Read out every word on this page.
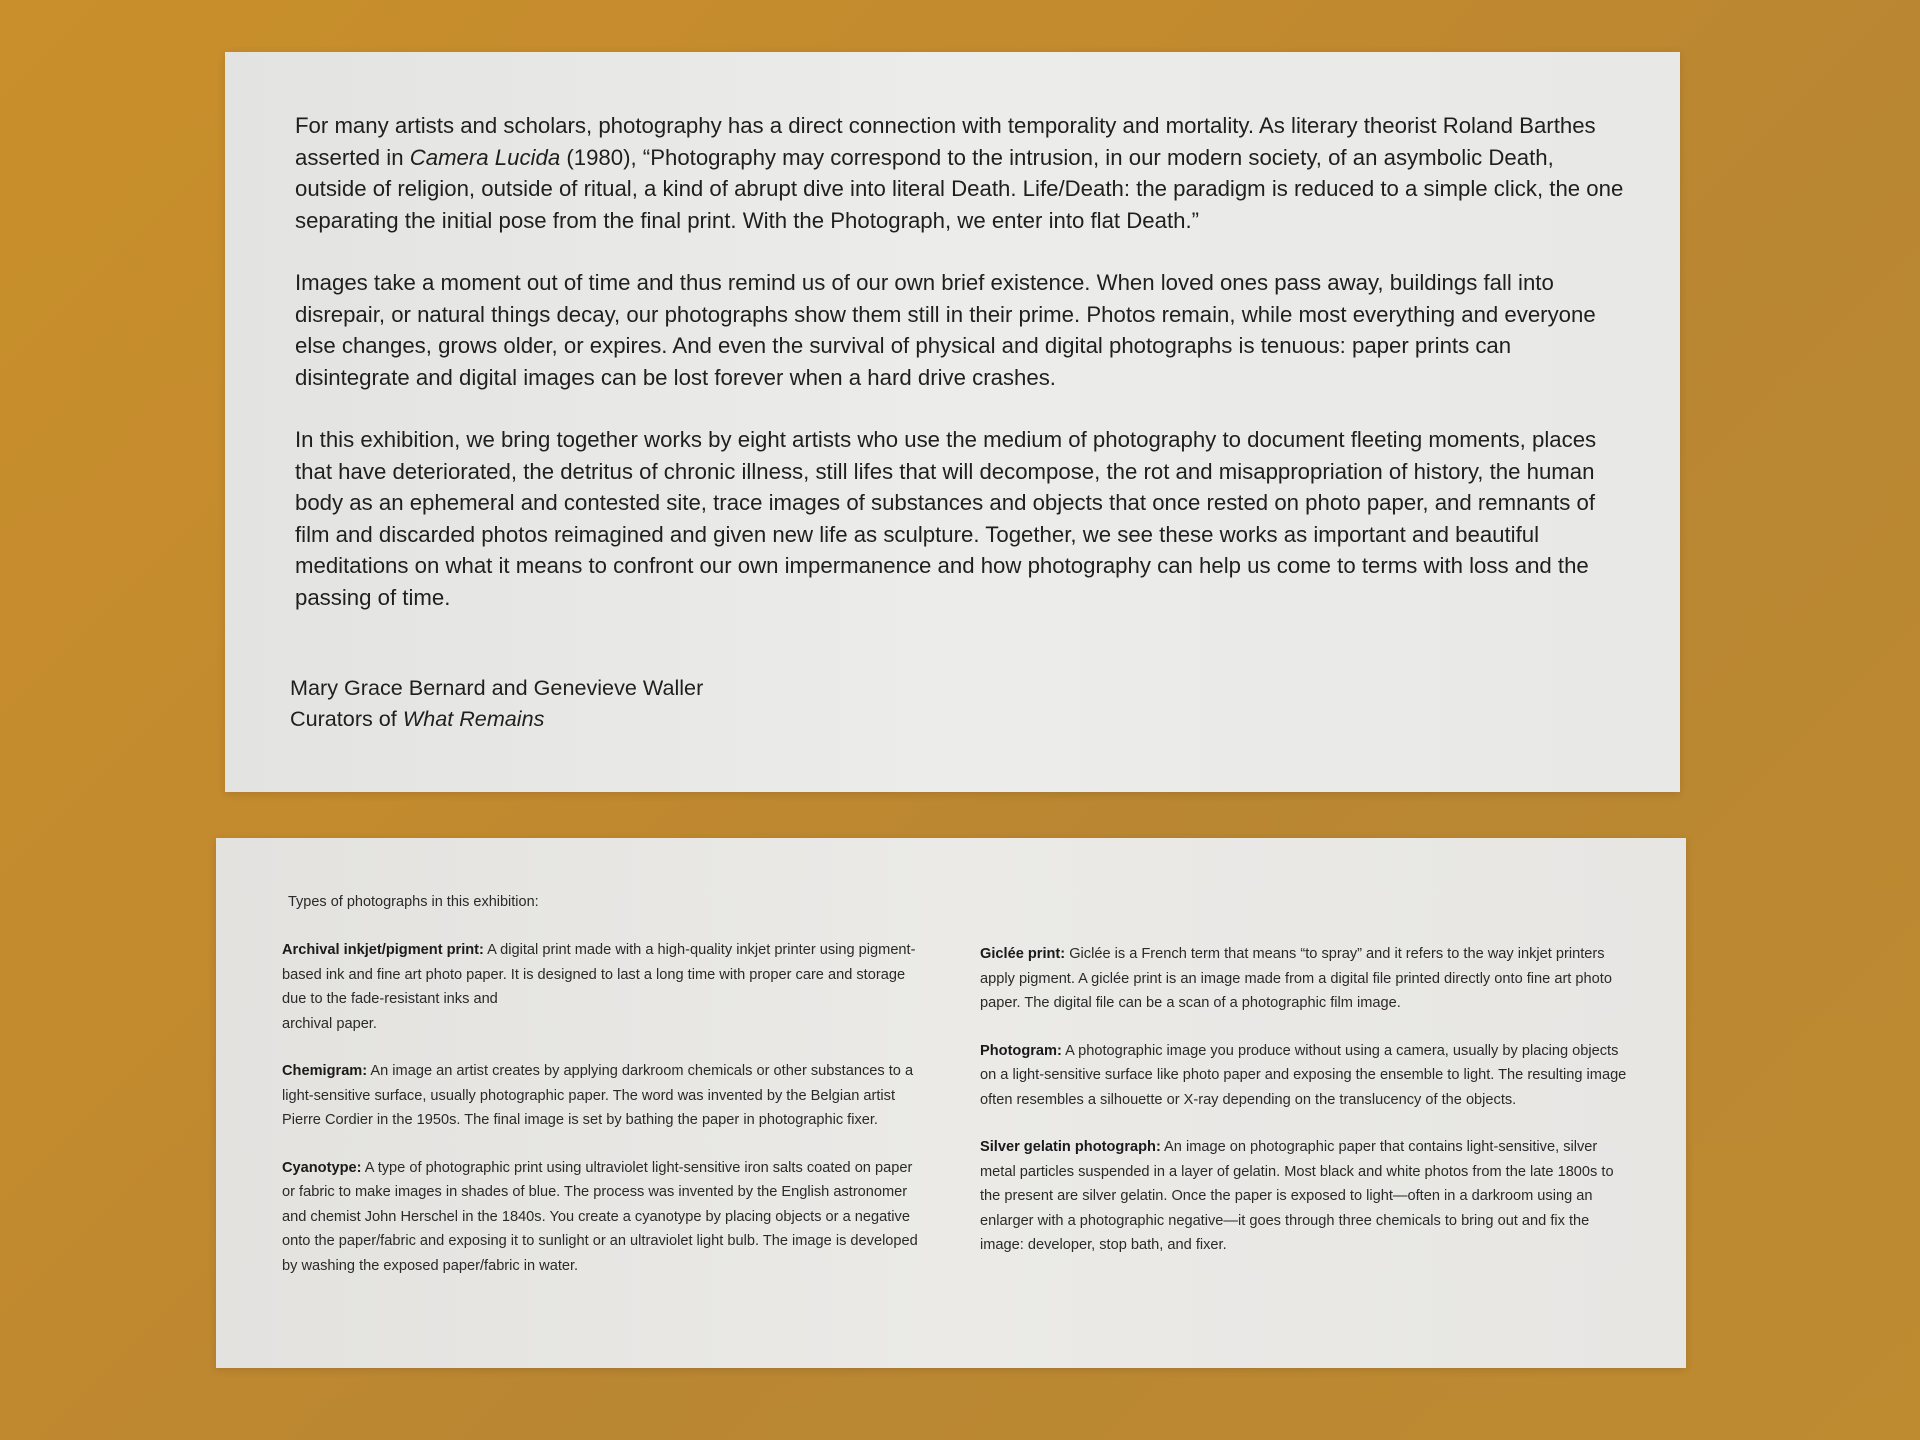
For many artists and scholars, photography has a direct connection with temporality and mortality. As literary theorist Roland Barthes asserted in Camera Lucida (1980), “Photography may correspond to the intrusion, in our modern society, of an asymbolic Death, outside of religion, outside of ritual, a kind of abrupt dive into literal Death. Life/Death: the paradigm is reduced to a simple click, the one separating the initial pose from the final print. With the Photograph, we enter into flat Death.”

Images take a moment out of time and thus remind us of our own brief existence. When loved ones pass away, buildings fall into disrepair, or natural things decay, our photographs show them still in their prime. Photos remain, while most everything and everyone else changes, grows older, or expires. And even the survival of physical and digital photographs is tenuous: paper prints can disintegrate and digital images can be lost forever when a hard drive crashes.

In this exhibition, we bring together works by eight artists who use the medium of photography to document fleeting moments, places that have deteriorated, the detritus of chronic illness, still lifes that will decompose, the rot and misappropriation of history, the human body as an ephemeral and contested site, trace images of substances and objects that once rested on photo paper, and remnants of film and discarded photos reimagined and given new life as sculpture. Together, we see these works as important and beautiful meditations on what it means to confront our own impermanence and how photography can help us come to terms with loss and the passing of time.

Mary Grace Bernard and Genevieve Waller
Curators of What Remains
Types of photographs in this exhibition:
Archival inkjet/pigment print: A digital print made with a high-quality inkjet printer using pigment-based ink and fine art photo paper. It is designed to last a long time with proper care and storage due to the fade-resistant inks and
archival paper.
Chemigram: An image an artist creates by applying darkroom chemicals or other substances to a light-sensitive surface, usually photographic paper. The word was invented by the Belgian artist Pierre Cordier in the 1950s. The final image is set by bathing the paper in photographic fixer.
Cyanotype: A type of photographic print using ultraviolet light-sensitive iron salts coated on paper or fabric to make images in shades of blue. The process was invented by the English astronomer and chemist John Herschel in the 1840s. You create a cyanotype by placing objects or a negative onto the paper/fabric and exposing it to sunlight or an ultraviolet light bulb. The image is developed by washing the exposed paper/fabric in water.
Giclée print: Giclée is a French term that means “to spray” and it refers to the way inkjet printers apply pigment. A giclée print is an image made from a digital file printed directly onto fine art photo paper. The digital file can be a scan of a photographic film image.
Photogram: A photographic image you produce without using a camera, usually by placing objects on a light-sensitive surface like photo paper and exposing the ensemble to light. The resulting image often resembles a silhouette or X-ray depending on the translucency of the objects.
Silver gelatin photograph: An image on photographic paper that contains light-sensitive, silver metal particles suspended in a layer of gelatin. Most black and white photos from the late 1800s to the present are silver gelatin. Once the paper is exposed to light—often in a darkroom using an enlarger with a photographic negative—it goes through three chemicals to bring out and fix the image: developer, stop bath, and fixer.
